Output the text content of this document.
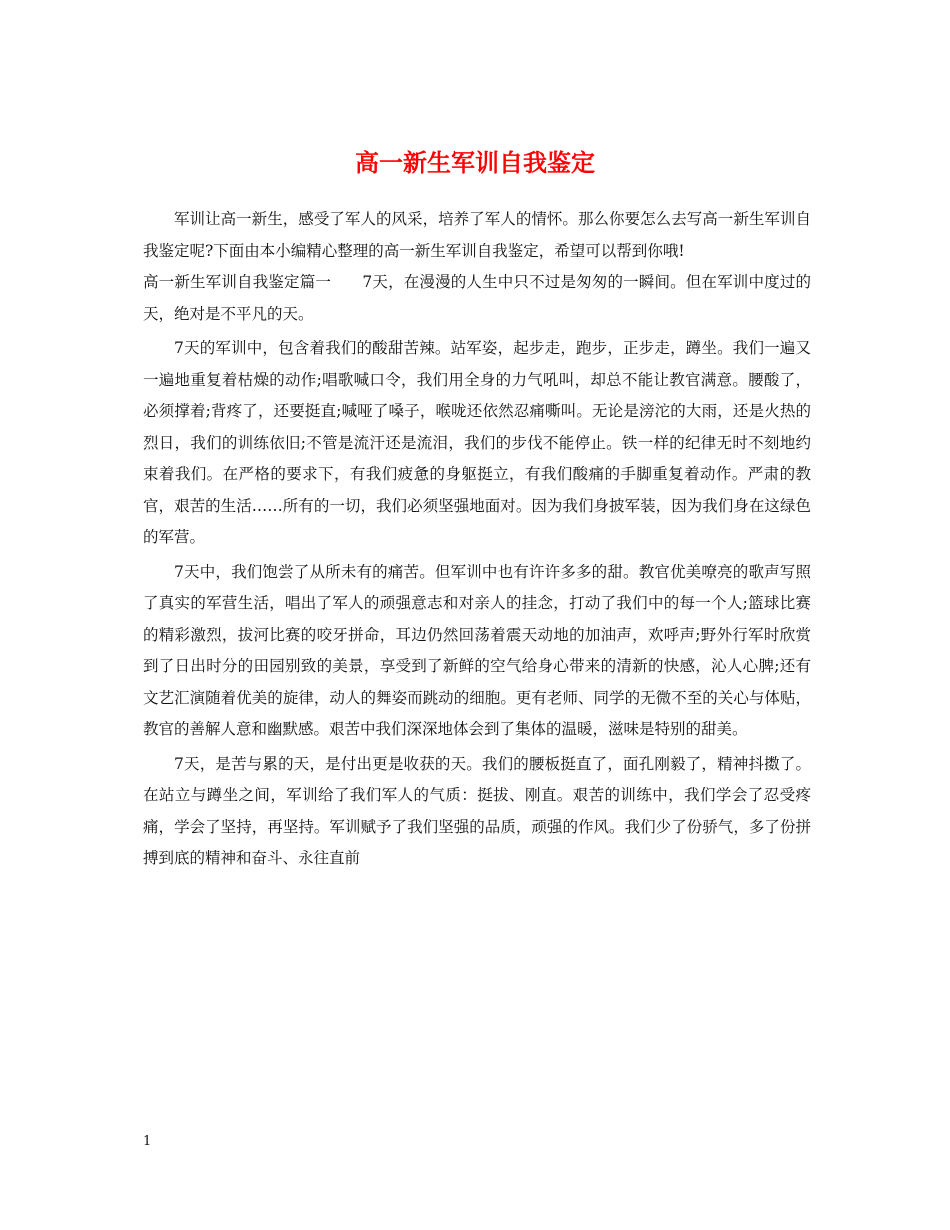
高一新生军训自我鉴定

军训让高一新生，感受了军人的风采，培养了军人的情怀。那么你要怎么去写高一新生军训自我鉴定呢?下面由本小编精心整理的高一新生军训自我鉴定，希望可以帮到你哦!

高一新生军训自我鉴定篇一　　7天，在漫漫的人生中只不过是匆匆的一瞬间。但在军训中度过的天，绝对是不平凡的天。

7天的军训中，包含着我们的酸甜苦辣。站军姿，起步走，跑步，正步走，蹲坐。我们一遍又一遍地重复着枯燥的动作;唱歌喊口令，我们用全身的力气吼叫，却总不能让教官满意。腰酸了，必须撑着;背疼了，还要挺直;喊哑了嗓子，喉咙还依然忍痛嘶叫。无论是滂沱的大雨，还是火热的烈日，我们的训练依旧;不管是流汗还是流泪，我们的步伐不能停止。铁一样的纪律无时不刻地约束着我们。在严格的要求下，有我们疲惫的身躯挺立，有我们酸痛的手脚重复着动作。严肃的教官，艰苦的生活……所有的一切，我们必须坚强地面对。因为我们身披军装，因为我们身在这绿色的军营。

7天中，我们饱尝了从所未有的痛苦。但军训中也有许许多多的甜。教官优美嘹亮的歌声写照了真实的军营生活，唱出了军人的顽强意志和对亲人的挂念，打动了我们中的每一个人;篮球比赛的精彩激烈，拔河比赛的咬牙拼命，耳边仍然回荡着震天动地的加油声，欢呼声;野外行军时欣赏到了日出时分的田园别致的美景，享受到了新鲜的空气给身心带来的清新的快感，沁人心脾;还有文艺汇演随着优美的旋律，动人的舞姿而跳动的细胞。更有老师、同学的无微不至的关心与体贴，教官的善解人意和幽默感。艰苦中我们深深地体会到了集体的温暖，滋味是特别的甜美。

7天，是苦与累的天，是付出更是收获的天。我们的腰板挺直了，面孔刚毅了，精神抖擞了。在站立与蹲坐之间，军训给了我们军人的气质：挺拔、刚直。艰苦的训练中，我们学会了忍受疼痛，学会了坚持，再坚持。军训赋予了我们坚强的品质，顽强的作风。我们少了份骄气，多了份拼搏到底的精神和奋斗、永往直前

1
